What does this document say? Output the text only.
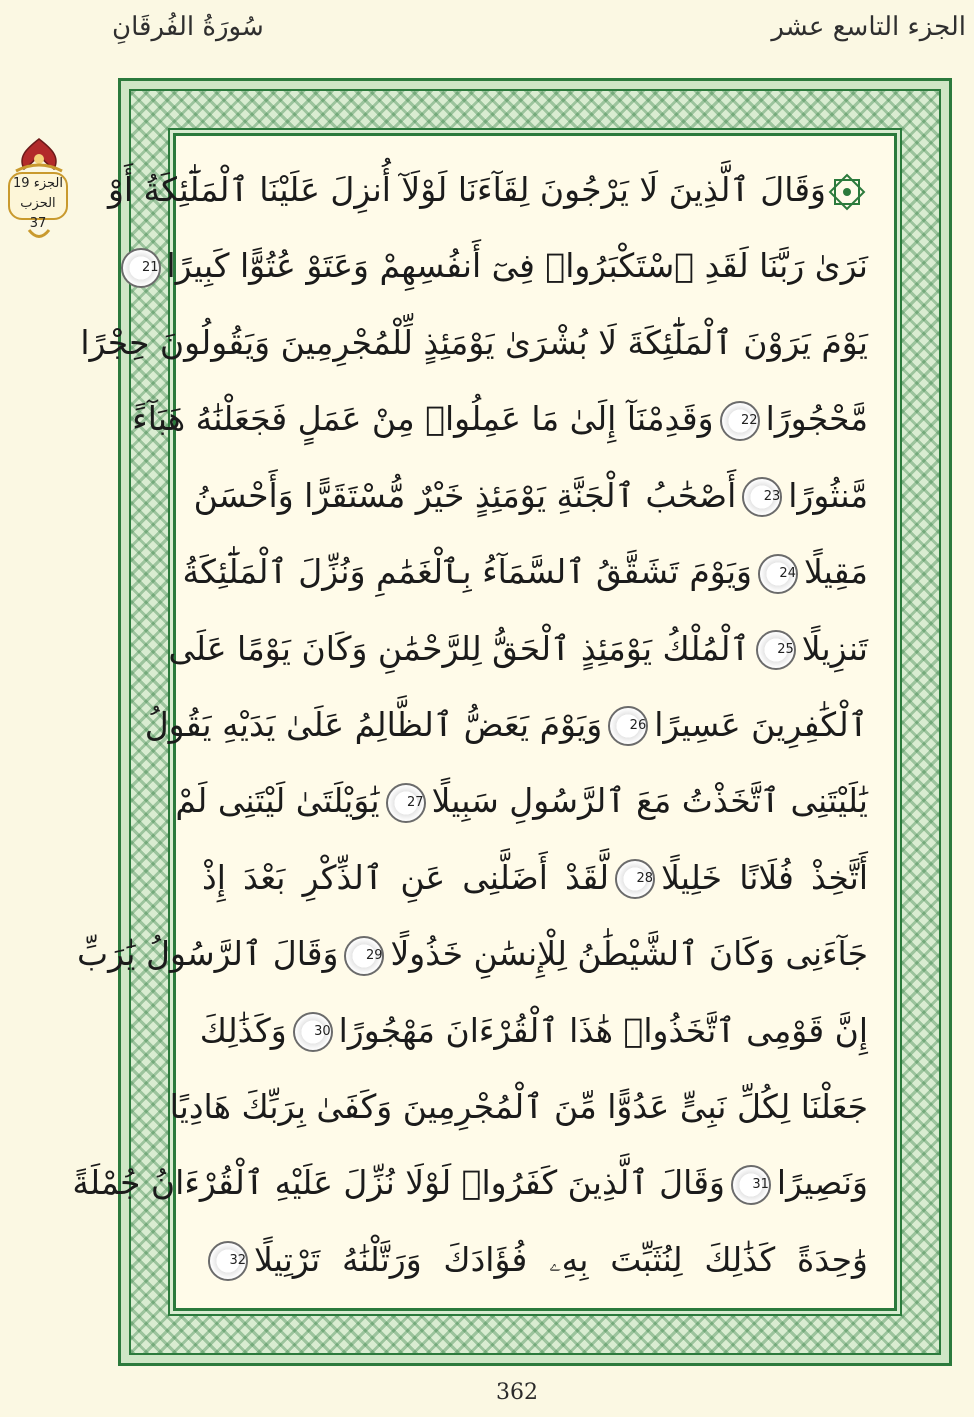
سُورَةُ الفُرقَانِ	الجزء التاسع عشر
الجزء 19
الحزب 37
وَقَالَ ٱلَّذِينَ لَا يَرْجُونَ لِقَآءَنَا لَوْلَآ أُنزِلَ عَلَيْنَا ٱلْمَلَٰٓئِكَةُ أَوْ
نَرَىٰ رَبَّنَا لَقَدِ ٱسْتَكْبَرُوا۟ فِىٓ أَنفُسِهِمْ وَعَتَوْ عُتُوًّا كَبِيرًا21
يَوْمَ يَرَوْنَ ٱلْمَلَٰٓئِكَةَ لَا بُشْرَىٰ يَوْمَئِذٍ لِّلْمُجْرِمِينَ وَيَقُولُونَ حِجْرًا
مَّحْجُورًا22وَقَدِمْنَآ إِلَىٰ مَا عَمِلُوا۟ مِنْ عَمَلٍ فَجَعَلْنَٰهُ هَبَآءً
مَّنثُورًا23أَصْحَٰبُ ٱلْجَنَّةِ يَوْمَئِذٍ خَيْرٌ مُّسْتَقَرًّا وَأَحْسَنُ
مَقِيلًا24وَيَوْمَ تَشَقَّقُ ٱلسَّمَآءُ بِٱلْغَمَٰمِ وَنُزِّلَ ٱلْمَلَٰٓئِكَةُ
تَنزِيلًا25ٱلْمُلْكُ يَوْمَئِذٍ ٱلْحَقُّ لِلرَّحْمَٰنِ وَكَانَ يَوْمًا عَلَى
ٱلْكَٰفِرِينَ عَسِيرًا26وَيَوْمَ يَعَضُّ ٱلظَّالِمُ عَلَىٰ يَدَيْهِ يَقُولُ
يَٰلَيْتَنِى ٱتَّخَذْتُ مَعَ ٱلرَّسُولِ سَبِيلًا27يَٰوَيْلَتَىٰ لَيْتَنِى لَمْ
أَتَّخِذْ فُلَانًا خَلِيلًا28لَّقَدْ أَضَلَّنِى عَنِ ٱلذِّكْرِ بَعْدَ إِذْ
جَآءَنِى وَكَانَ ٱلشَّيْطَٰنُ لِلْإِنسَٰنِ خَذُولًا29وَقَالَ ٱلرَّسُولُ يَٰرَبِّ
إِنَّ قَوْمِى ٱتَّخَذُوا۟ هَٰذَا ٱلْقُرْءَانَ مَهْجُورًا30وَكَذَٰلِكَ
جَعَلْنَا لِكُلِّ نَبِىٍّ عَدُوًّا مِّنَ ٱلْمُجْرِمِينَ وَكَفَىٰ بِرَبِّكَ هَادِيًا
وَنَصِيرًا31وَقَالَ ٱلَّذِينَ كَفَرُوا۟ لَوْلَا نُزِّلَ عَلَيْهِ ٱلْقُرْءَانُ جُمْلَةً
وَٰحِدَةً كَذَٰلِكَ لِنُثَبِّتَ بِهِۦ فُؤَادَكَ وَرَتَّلْنَٰهُ تَرْتِيلًا32
362
